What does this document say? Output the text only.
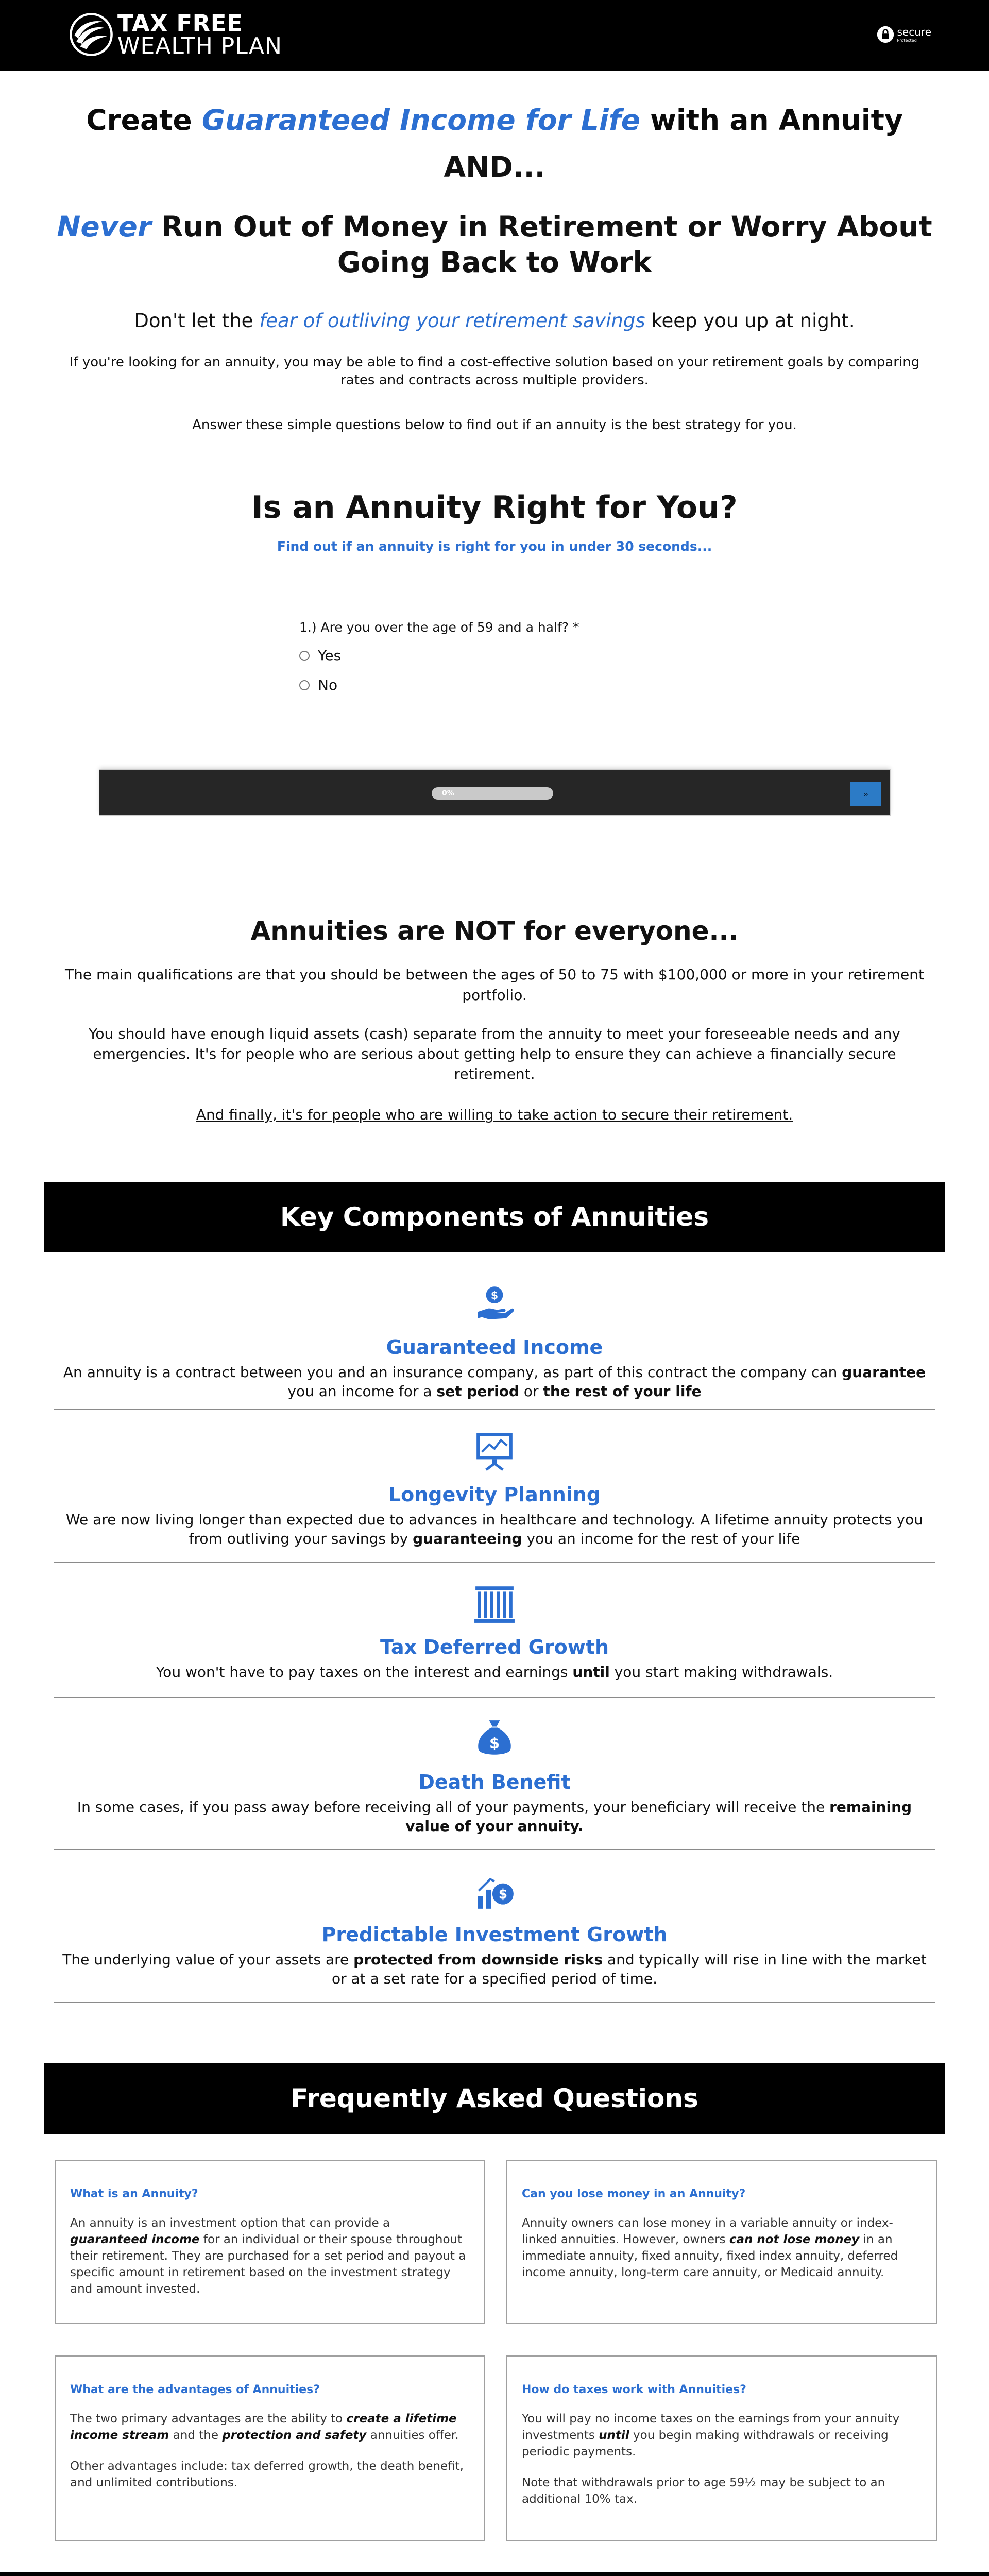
TAX FREE
WEALTH PLAN
secure
Protected
Create Guaranteed Income for Life with an Annuity
AND...
Never Run Out of Money in Retirement or Worry About Going Back to Work
Don't let the fear of outliving your retirement savings keep you up at night.

If you're looking for an annuity, you may be able to find a cost-effective solution based on your retirement goals by comparing rates and contracts across multiple providers.

Answer these simple questions below to find out if an annuity is the best strategy for you.

Is an Annuity Right for You?
Find out if an annuity is right for you in under 30 seconds...
1.) Are you over the age of 59 and a half? *
Yes
No
0%	»
Annuities are NOT for everyone...

The main qualifications are that you should be between the ages of 50 to 75 with $100,000 or more in your retirement portfolio.

You should have enough liquid assets (cash) separate from the annuity to meet your foreseeable needs and any emergencies. It's for people who are serious about getting help to ensure they can achieve a financially secure retirement.

And finally, it's for people who are willing to take action to secure their retirement.

Key Components of Annuities
$
Guaranteed Income

An annuity is a contract between you and an insurance company, as part of this contract the company can guarantee you an income for a set period or the rest of your life

Longevity Planning

We are now living longer than expected due to advances in healthcare and technology. A lifetime annuity protects you from outliving your savings by guaranteeing you an income for the rest of your life

Tax Deferred Growth

You won't have to pay taxes on the interest and earnings until you start making withdrawals.

$
Death Benefit

In some cases, if you pass away before receiving all of your payments, your beneficiary will receive the remaining value of your annuity.

$
Predictable Investment Growth

The underlying value of your assets are protected from downside risks and typically will rise in line with the market or at a set rate for a specified period of time.

Frequently Asked Questions
What is an Annuity?

An annuity is an investment option that can provide a guaranteed income for an individual or their spouse throughout their retirement. They are purchased for a set period and payout a specific amount in retirement based on the investment strategy and amount invested.

Can you lose money in an Annuity?

Annuity owners can lose money in a variable annuity or index-linked annuities. However, owners can not lose money in an immediate annuity, fixed annuity, fixed index annuity, deferred income annuity, long-term care annuity, or Medicaid annuity.

What are the advantages of Annuities?

The two primary advantages are the ability to create a lifetime income stream and the protection and safety annuities offer.

Other advantages include: tax deferred growth, the death benefit, and unlimited contributions.

How do taxes work with Annuities?

You will pay no income taxes on the earnings from your annuity investments until you begin making withdrawals or receiving periodic payments.

Note that withdrawals prior to age 59½ may be subject to an additional 10% tax.
